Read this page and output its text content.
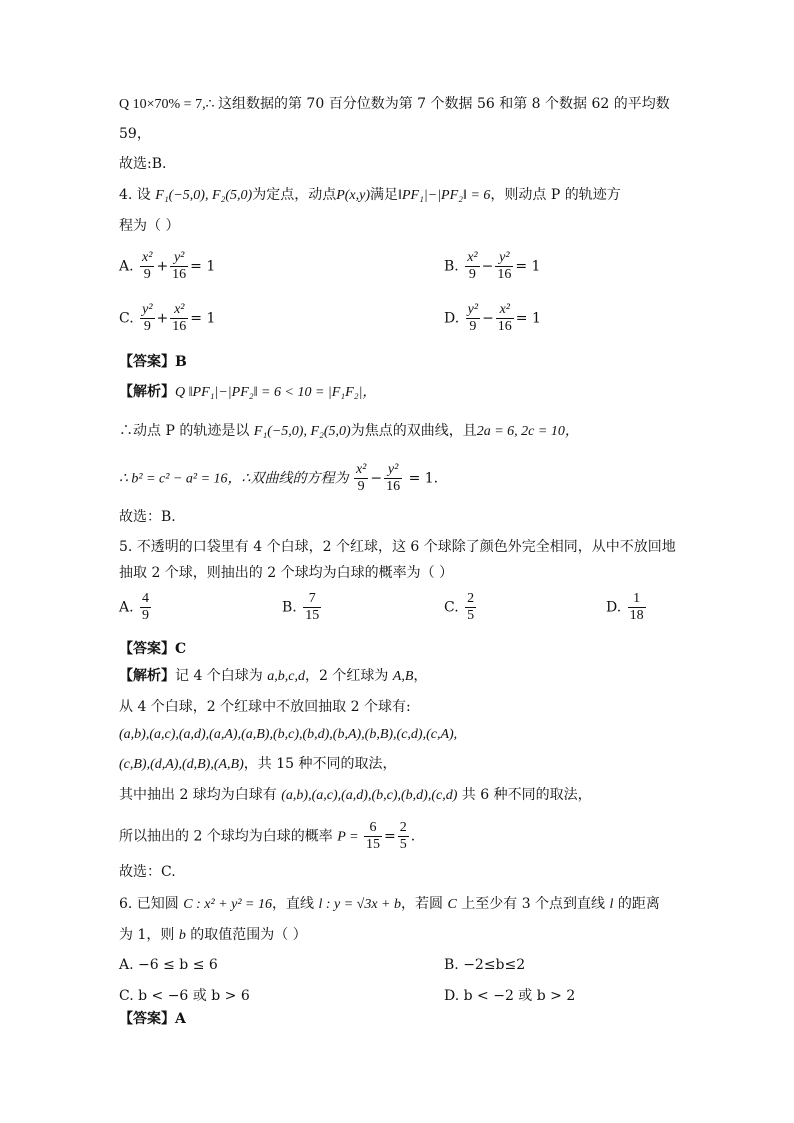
Q 10×70% = 7,∴ 这组数据的第 70 百分位数为第 7 个数据 56 和第 8 个数据 62 的平均数
59，
故选:B.
4. 设 F₁(−5,0), F₂(5,0)为定点，动点P(x,y)满足‖PF₁|−|PF₂‖ = 6，则动点 P 的轨迹方
程为（ ）
A. $\frac{\text{x²}}{9} + \frac{\text{y²}}{16} = 1$	B. $\frac{\text{x²}}{9} - \frac{\text{y²}}{16} = 1$
C. $\frac{\text{y²}}{9} + \frac{\text{x²}}{16} = 1$	D. $\frac{\text{y²}}{9} - \frac{\text{x²}}{16} = 1$
【答案】B
【解析】Q ‖PF₁|−|PF₂‖ = 6 < 10 = |F₁F₂|，
∴动点 P 的轨迹是以 F₁(−5,0), F₂(5,0)为焦点的双曲线，且2a = 6, 2c = 10，
∴ b² = c² − a² = 16，∴双曲线的方程为 $\frac{\text{x²}}{9} - \frac{\text{y²}}{16} = 1$.
故选：B.
5. 不透明的口袋里有 4 个白球，2 个红球，这 6 个球除了颜色外完全相同，从中不放回地
抽取 2 个球，则抽出的 2 个球均为白球的概率为（ ）
A. $\frac{4}{9}$	B. $\frac{7}{15}$	C. $\frac{2}{5}$	D. $\frac{1}{18}$
【答案】C
【解析】记 4 个白球为 a,b,c,d，2 个红球为 A,B，
从 4 个白球，2 个红球中不放回抽取 2 个球有:
(a,b),(a,c),(a,d),(a,A),(a,B),(b,c),(b,d),(b,A),(b,B),(c,d),(c,A),
(c,B),(d,A),(d,B),(A,B)，共 15 种不同的取法，
其中抽出 2 球均为白球有 (a,b),(a,c),(a,d),(b,c),(b,d),(c,d) 共 6 种不同的取法，
所以抽出的 2 个球均为白球的概率 $P = \frac{6}{15} = \frac{2}{5}$ .
故选：C.
6. 已知圆 C : x² + y² = 16，直线 l : y = √3x + b，若圆 C 上至少有 3 个点到直线 l 的距离
为 1，则 b 的取值范围为（ ）
A. −6 ≤ b ≤ 6	B. −2≤b≤2
C. b < −6 或 b > 6	D. b < −2 或 b > 2
【答案】A
